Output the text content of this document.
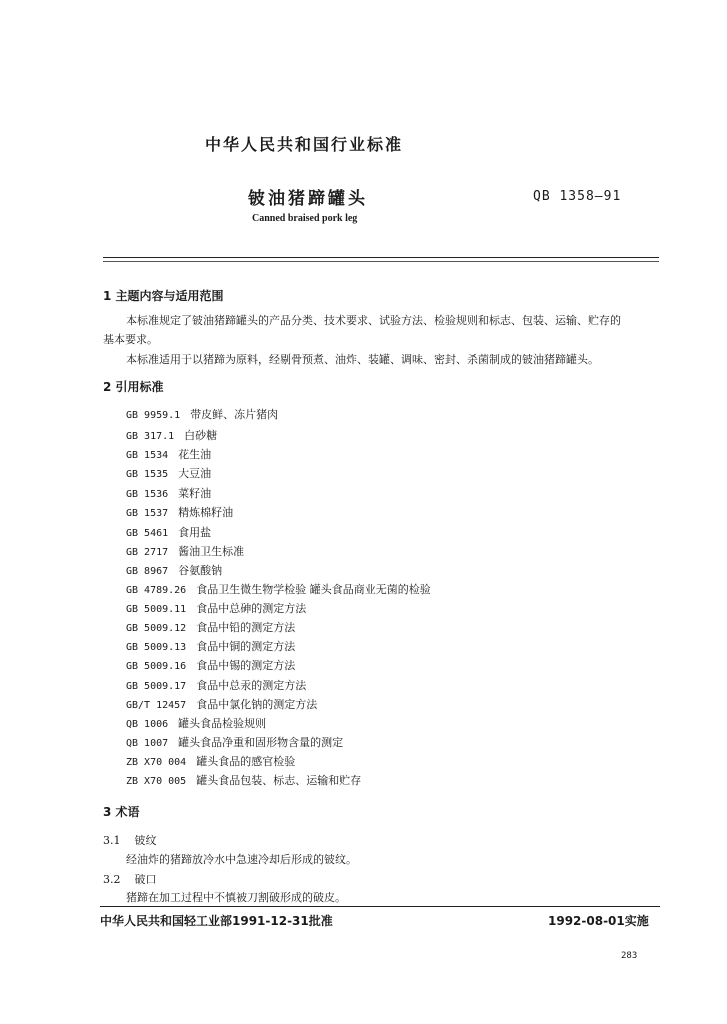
中华人民共和国行业标准
铍油猪蹄罐头	QB 1358—91
Canned braised pork leg
1 主题内容与适用范围
本标准规定了铍油猪蹄罐头的产品分类、技术要求、试验方法、检验规则和标志、包装、运输、贮存的
基本要求。
本标准适用于以猪蹄为原料，经剔骨预煮、油炸、装罐、调味、密封、杀菌制成的铍油猪蹄罐头。
2 引用标准
GB 9959.1 带皮鲜、冻片猪肉
GB 317.1 白砂糖
GB 1534 花生油
GB 1535 大豆油
GB 1536 菜籽油
GB 1537 精炼棉籽油
GB 5461 食用盐
GB 2717 酱油卫生标准
GB 8967 谷氨酸钠
GB 4789.26 食品卫生微生物学检验 罐头食品商业无菌的检验
GB 5009.11 食品中总砷的测定方法
GB 5009.12 食品中铅的测定方法
GB 5009.13 食品中铜的测定方法
GB 5009.16 食品中锡的测定方法
GB 5009.17 食品中总汞的测定方法
GB/T 12457 食品中氯化钠的测定方法
QB 1006 罐头食品检验规则
QB 1007 罐头食品净重和固形物含量的测定
ZB X70 004 罐头食品的感官检验
ZB X70 005 罐头食品包装、标志、运输和贮存
3 术语
3.1 铍纹
经油炸的猪蹄放冷水中急速冷却后形成的铍纹。
3.2 破口
猪蹄在加工过程中不慎被刀割破形成的破皮。
中华人民共和国轻工业部1991-12-31批准	1992-08-01实施
283
